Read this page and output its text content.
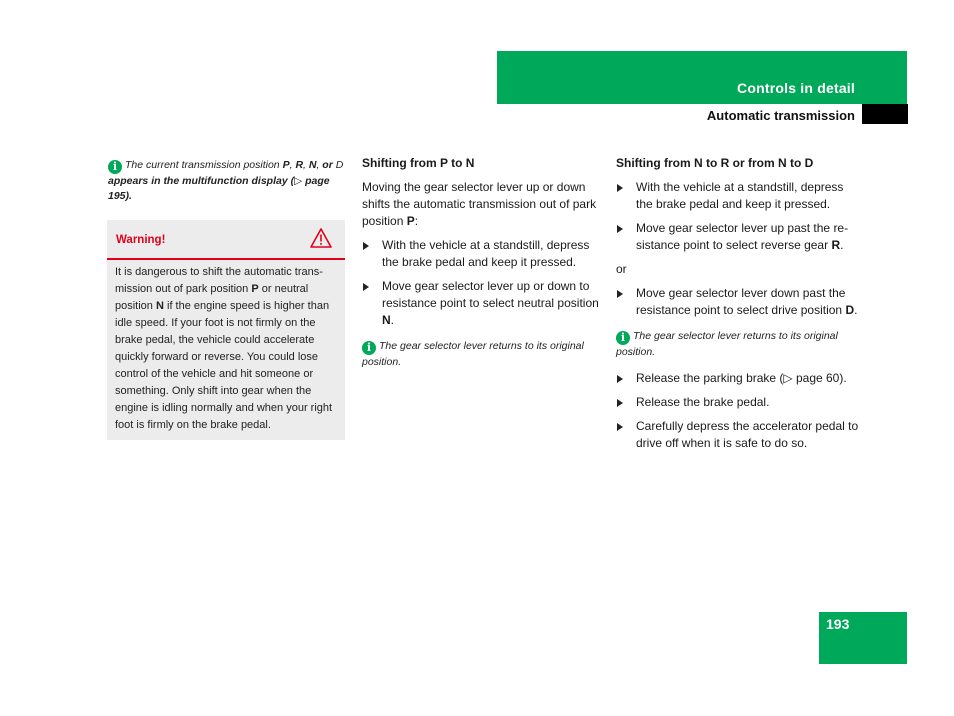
Controls in detail
Automatic transmission
i The current transmission position P, R, N, or D appears in the multifunction display (▷ page 195).
Warning!
It is dangerous to shift the automatic trans-mission out of park position P or neutral position N if the engine speed is higher than idle speed. If your foot is not firmly on the brake pedal, the vehicle could accelerate quickly forward or reverse. You could lose control of the vehicle and hit someone or something. Only shift into gear when the engine is idling normally and when your right foot is firmly on the brake pedal.
Shifting from P to N

Moving the gear selector lever up or down shifts the automatic transmission out of park position P:

With the vehicle at a standstill, depress the brake pedal and keep it pressed.
Move gear selector lever up or down to resistance point to select neutral position N.
i The gear selector lever returns to its original position.
Shifting from N to R or from N to D
With the vehicle at a standstill, depress the brake pedal and keep it pressed.
Move gear selector lever up past the re-sistance point to select reverse gear R.

or

Move gear selector lever down past the resistance point to select drive position D.
i The gear selector lever returns to its original position.
Release the parking brake (▷ page 60).
Release the brake pedal.
Carefully depress the accelerator pedal to drive off when it is safe to do so.
193
